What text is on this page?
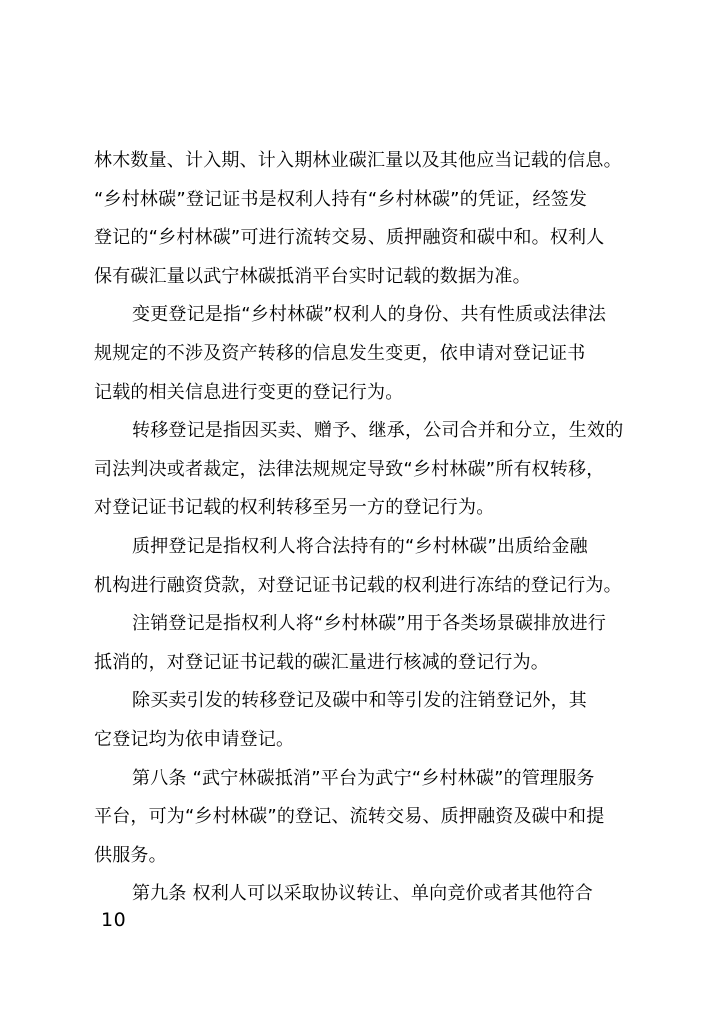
林木数量、计入期、计入期林业碳汇量以及其他应当记载的信息。
“乡村林碳”登记证书是权利人持有“乡村林碳”的凭证，经签发
登记的“乡村林碳”可进行流转交易、质押融资和碳中和。权利人
保有碳汇量以武宁林碳抵消平台实时记载的数据为准。
变更登记是指“乡村林碳”权利人的身份、共有性质或法律法
规规定的不涉及资产转移的信息发生变更，依申请对登记证书
记载的相关信息进行变更的登记行为。
转移登记是指因买卖、赠予、继承，公司合并和分立，生效的
司法判决或者裁定，法律法规规定导致“乡村林碳”所有权转移，
对登记证书记载的权利转移至另一方的登记行为。
质押登记是指权利人将合法持有的“乡村林碳”出质给金融
机构进行融资贷款，对登记证书记载的权利进行冻结的登记行为。
注销登记是指权利人将“乡村林碳”用于各类场景碳排放进行
抵消的，对登记证书记载的碳汇量进行核减的登记行为。
除买卖引发的转移登记及碳中和等引发的注销登记外，其
它登记均为依申请登记。
第八条 “武宁林碳抵消”平台为武宁“乡村林碳”的管理服务
平台，可为“乡村林碳”的登记、流转交易、质押融资及碳中和提
供服务。
第九条 权利人可以采取协议转让、单向竞价或者其他符合
10
